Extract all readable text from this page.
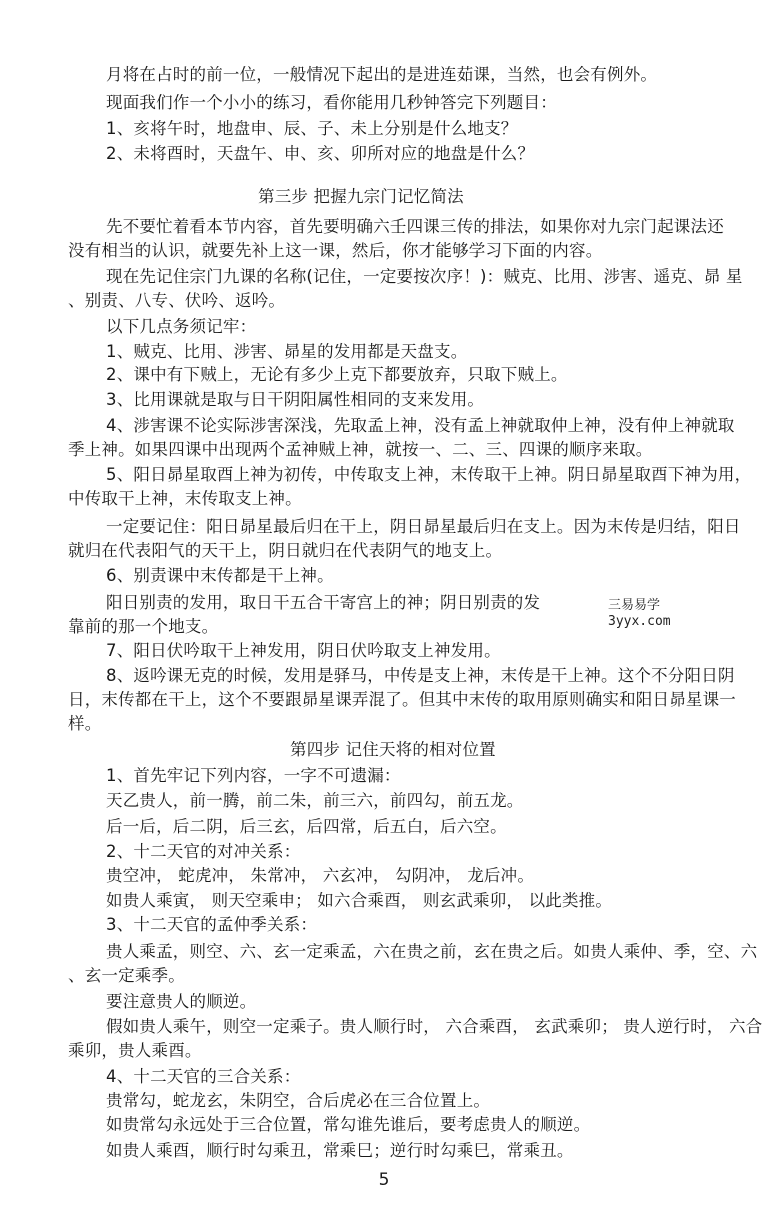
月将在占时的前一位，一般情况下起出的是进连茹课，当然，也会有例外。
现面我们作一个小小的练习，看你能用几秒钟答完下列题目：
1、亥将午时，地盘申、辰、子、未上分别是什么地支？
2、未将酉时，天盘午、申、亥、卯所对应的地盘是什么？
第三步 把握九宗门记忆简法
先不要忙着看本节内容，首先要明确六壬四课三传的排法，如果你对九宗门起课法还
没有相当的认识，就要先补上这一课，然后，你才能够学习下面的内容。
现在先记住宗门九课的名称(记住，一定要按次序！)：贼克、比用、涉害、遥克、昴 星
、别责、八专、伏吟、返吟。
以下几点务须记牢：
1、贼克、比用、涉害、昴星的发用都是天盘支。
2、课中有下贼上，无论有多少上克下都要放弃，只取下贼上。
3、比用课就是取与日干阴阳属性相同的支来发用。
4、涉害课不论实际涉害深浅，先取孟上神，没有孟上神就取仲上神，没有仲上神就取
季上神。如果四课中出现两个孟神贼上神，就按一、二、三、四课的顺序来取。
5、阳日昴星取酉上神为初传，中传取支上神，末传取干上神。阴日昴星取酉下神为用，
中传取干上神，末传取支上神。
一定要记住：阳日昴星最后归在干上，阴日昴星最后归在支上。因为末传是归结，阳日
就归在代表阳气的天干上，阴日就归在代表阴气的地支上。
6、别责课中末传都是干上神。
阳日别责的发用，取日干五合干寄宫上的神；阴日别责的发
靠前的那一个地支。
7、阳日伏吟取干上神发用，阴日伏吟取支上神发用。
8、返吟课无克的时候，发用是驿马，中传是支上神，末传是干上神。这个不分阳日阴
日，末传都在干上，这个不要跟昴星课弄混了。但其中末传的取用原则确实和阳日昴星课一
样。
第四步 记住天将的相对位置
1、首先牢记下列内容，一字不可遗漏：
天乙贵人，前一腾，前二朱，前三六，前四勾，前五龙。
后一后，后二阴，后三玄，后四常，后五白，后六空。
2、十二天官的对冲关系：
贵空冲， 蛇虎冲， 朱常冲， 六玄冲， 勾阴冲， 龙后冲。
如贵人乘寅， 则天空乘申； 如六合乘酉， 则玄武乘卯， 以此类推。
3、十二天官的孟仲季关系：
贵人乘孟，则空、六、玄一定乘孟，六在贵之前，玄在贵之后。如贵人乘仲、季，空、六
、玄一定乘季。
要注意贵人的顺逆。
假如贵人乘午，则空一定乘子。贵人顺行时， 六合乘酉， 玄武乘卯； 贵人逆行时， 六合
乘卯，贵人乘酉。
4、十二天官的三合关系：
贵常勾，蛇龙玄，朱阴空，合后虎必在三合位置上。
如贵常勾永远处于三合位置，常勾谁先谁后，要考虑贵人的顺逆。
如贵人乘酉，顺行时勾乘丑，常乘巳；逆行时勾乘巳，常乘丑。
三易易学
3yyx.com
5
